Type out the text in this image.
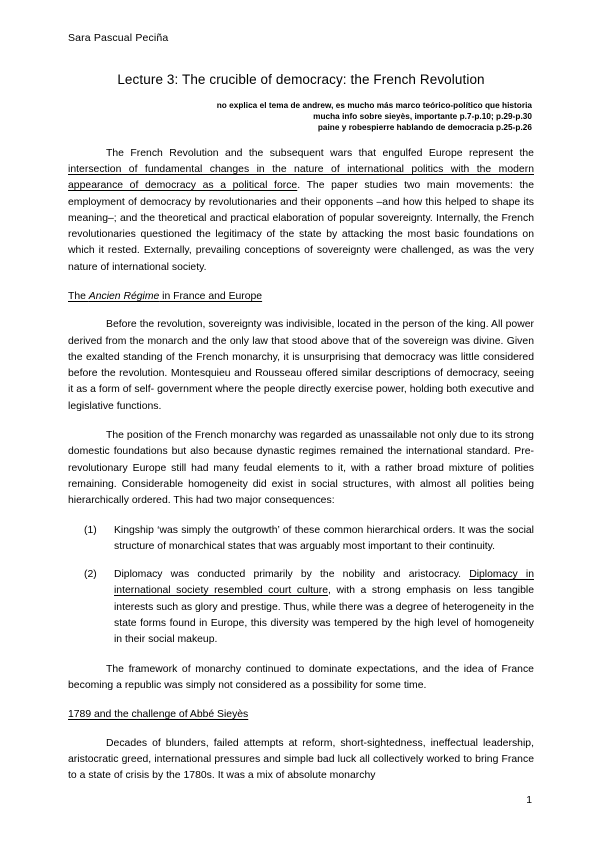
Sara Pascual Peciña
Lecture 3: The crucible of democracy: the French Revolution
no explica el tema de andrew, es mucho más marco teórico-político que historia
mucha info sobre sieyès, importante p.7-p.10; p.29-p.30
paine y robespierre hablando de democracia p.25-p.26

The French Revolution and the subsequent wars that engulfed Europe represent the intersection of fundamental changes in the nature of international politics with the modern appearance of democracy as a political force. The paper studies two main movements: the employment of democracy by revolutionaries and their opponents –and how this helped to shape its meaning–; and the theoretical and practical elaboration of popular sovereignty. Internally, the French revolutionaries questioned the legitimacy of the state by attacking the most basic foundations on which it rested. Externally, prevailing conceptions of sovereignty were challenged, as was the very nature of international society.

The Ancien Régime in France and Europe

Before the revolution, sovereignty was indivisible, located in the person of the king. All power derived from the monarch and the only law that stood above that of the sovereign was divine. Given the exalted standing of the French monarchy, it is unsurprising that democracy was little considered before the revolution. Montesquieu and Rousseau offered similar descriptions of democracy, seeing it as a form of self- government where the people directly exercise power, holding both executive and legislative functions.

The position of the French monarchy was regarded as unassailable not only due to its strong domestic foundations but also because dynastic regimes remained the international standard. Pre-revolutionary Europe still had many feudal elements to it, with a rather broad mixture of polities remaining. Considerable homogeneity did exist in social structures, with almost all polities being hierarchically ordered. This had two major consequences:

(1)	Kingship ‘was simply the outgrowth’ of these common hierarchical orders. It was the social structure of monarchical states that was arguably most important to their continuity.
(2)	Diplomacy was conducted primarily by the nobility and aristocracy. Diplomacy in international society resembled court culture, with a strong emphasis on less tangible interests such as glory and prestige. Thus, while there was a degree of heterogeneity in the state forms found in Europe, this diversity was tempered by the high level of homogeneity in their social makeup.

The framework of monarchy continued to dominate expectations, and the idea of France becoming a republic was simply not considered as a possibility for some time.

1789 and the challenge of Abbé Sieyès

Decades of blunders, failed attempts at reform, short-sightedness, ineffectual leadership, aristocratic greed, international pressures and simple bad luck all collectively worked to bring France to a state of crisis by the 1780s. It was a mix of absolute monarchy

1
